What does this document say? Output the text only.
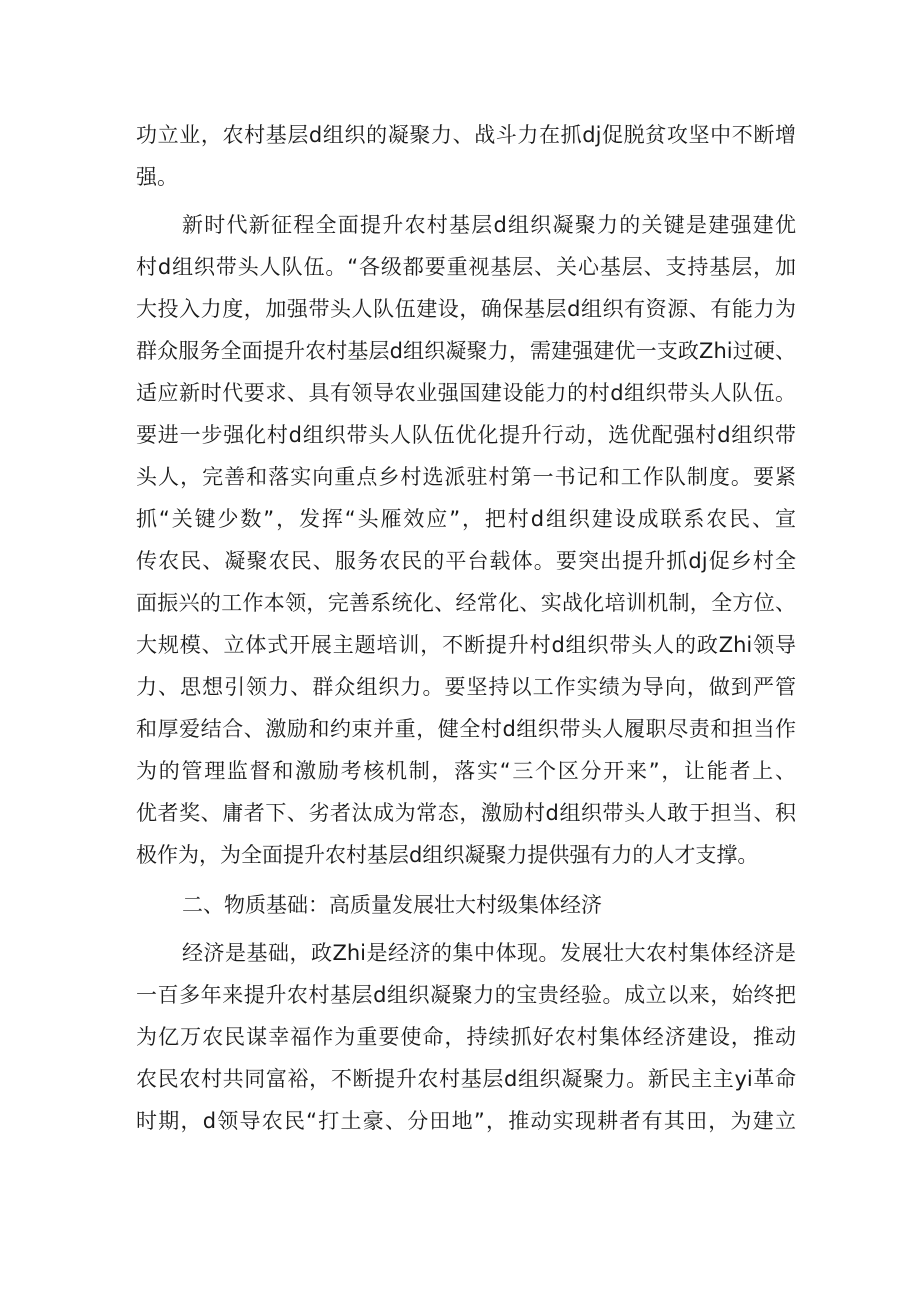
功立业，农村基层d组织的凝聚力、战斗力在抓dj促脱贫攻坚中不断增
强。
新时代新征程全面提升农村基层d组织凝聚力的关键是建强建优
村d组织带头人队伍。“各级都要重视基层、关心基层、支持基层，加
大投入力度，加强带头人队伍建设，确保基层d组织有资源、有能力为
群众服务全面提升农村基层d组织凝聚力，需建强建优一支政Zhi过硬、
适应新时代要求、具有领导农业强国建设能力的村d组织带头人队伍。
要进一步强化村d组织带头人队伍优化提升行动，选优配强村d组织带
头人，完善和落实向重点乡村选派驻村第一书记和工作队制度。要紧
抓“关键少数”，发挥“头雁效应”，把村d组织建设成联系农民、宣
传农民、凝聚农民、服务农民的平台载体。要突出提升抓dj促乡村全
面振兴的工作本领，完善系统化、经常化、实战化培训机制，全方位、
大规模、立体式开展主题培训，不断提升村d组织带头人的政Zhi领导
力、思想引领力、群众组织力。要坚持以工作实绩为导向，做到严管
和厚爱结合、激励和约束并重，健全村d组织带头人履职尽责和担当作
为的管理监督和激励考核机制，落实“三个区分开来”，让能者上、
优者奖、庸者下、劣者汰成为常态，激励村d组织带头人敢于担当、积
极作为，为全面提升农村基层d组织凝聚力提供强有力的人才支撑。
二、物质基础：高质量发展壮大村级集体经济
经济是基础，政Zhi是经济的集中体现。发展壮大农村集体经济是
一百多年来提升农村基层d组织凝聚力的宝贵经验。成立以来，始终把
为亿万农民谋幸福作为重要使命，持续抓好农村集体经济建设，推动
农民农村共同富裕，不断提升农村基层d组织凝聚力。新民主主yi革命
时期，d领导农民“打土豪、分田地”，推动实现耕者有其田，为建立
